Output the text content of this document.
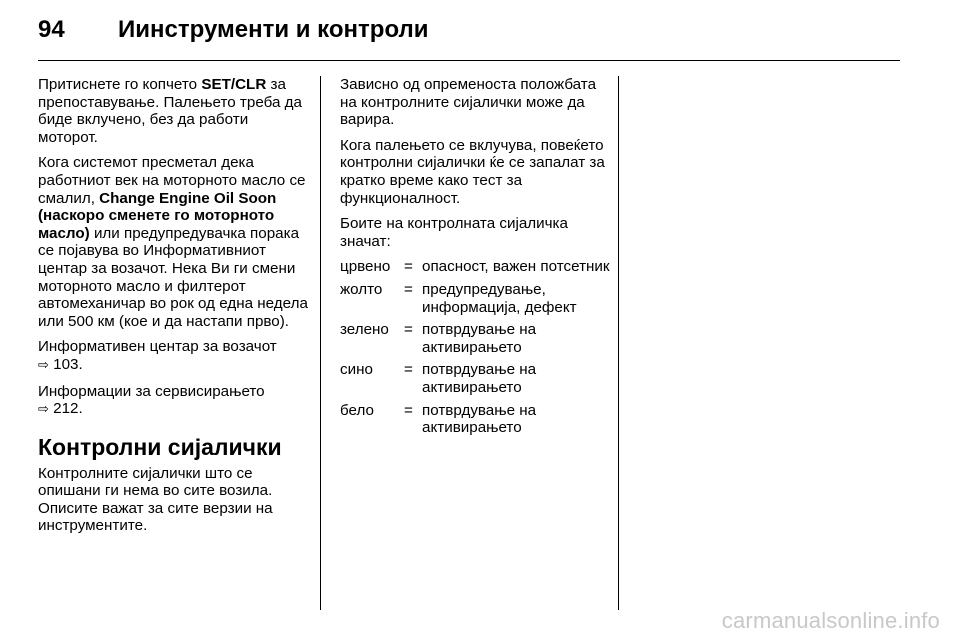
94 Иинструменти и контроли

Притиснете го копчето SET/CLR за препоставување. Палењето треба да биде вклучено, без да работи моторот.

Кога системот пресметал дека работниот век на моторното масло се смалил, Change Engine Oil Soon (наскоро сменете го моторното масло) или предупредувачка порака се појавува во Информативниот центар за возачот. Нека Ви ги смени моторното масло и филтерот автомеханичар во рок од една недела или 500 км (кое и да настапи прво).

Информативен центар за возачот
⇨ 103.

Информации за сервисирањето
⇨ 212.

Контролни сијалички

Контролните сијалички што се опишани ги нема во сите возила. Описите важат за сите верзии на инструментите.

Зависно од опременоста положбата на контролните сијалички може да варира.

Кога палењето се вклучува, повеќето контролни сијалички ќе се запалат за кратко време како тест за функционалност.

Боите на контролната сијаличка значат:

црвено = опасност, важен потсетник
жолто	= предупредување, информација, дефект
зелено = потврдување на активирањето
сино	= потврдување на активирањето
бело	= потврдување на активирањето
carmanualsonline.info
